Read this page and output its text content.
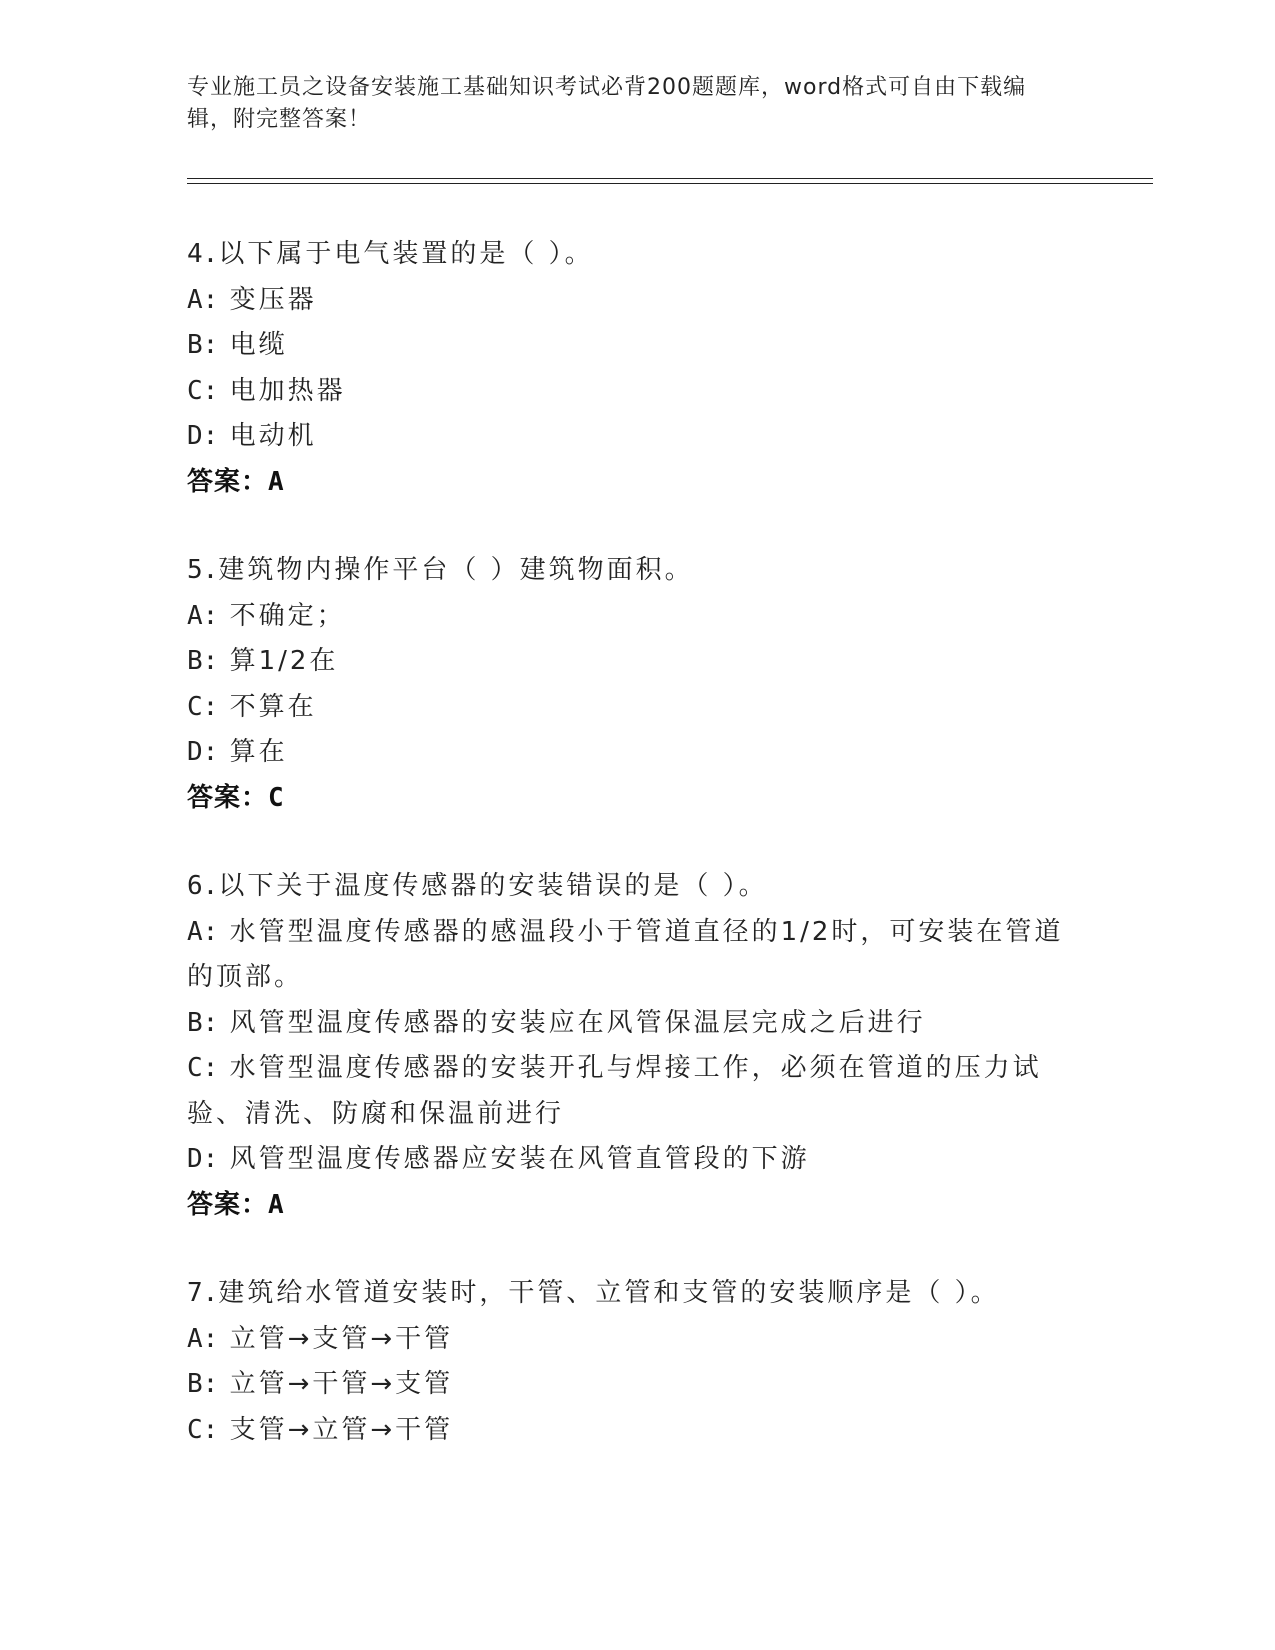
专业施工员之设备安装施工基础知识考试必背200题题库，word格式可自由下载编辑，附完整答案！
4.以下属于电气装置的是（ ）。
A: 变压器
B: 电缆
C: 电加热器
D: 电动机
答案：A
5.建筑物内操作平台（ ）建筑物面积。
A: 不确定；
B: 算1/2在
C: 不算在
D: 算在
答案：C
6.以下关于温度传感器的安装错误的是（ ）。
A: 水管型温度传感器的感温段小于管道直径的1/2时，可安装在管道的顶部。
B: 风管型温度传感器的安装应在风管保温层完成之后进行
C: 水管型温度传感器的安装开孔与焊接工作，必须在管道的压力试验、清洗、防腐和保温前进行
D: 风管型温度传感器应安装在风管直管段的下游
答案：A
7.建筑给水管道安装时，干管、立管和支管的安装顺序是（ ）。
A: 立管→支管→干管
B: 立管→干管→支管
C: 支管→立管→干管
